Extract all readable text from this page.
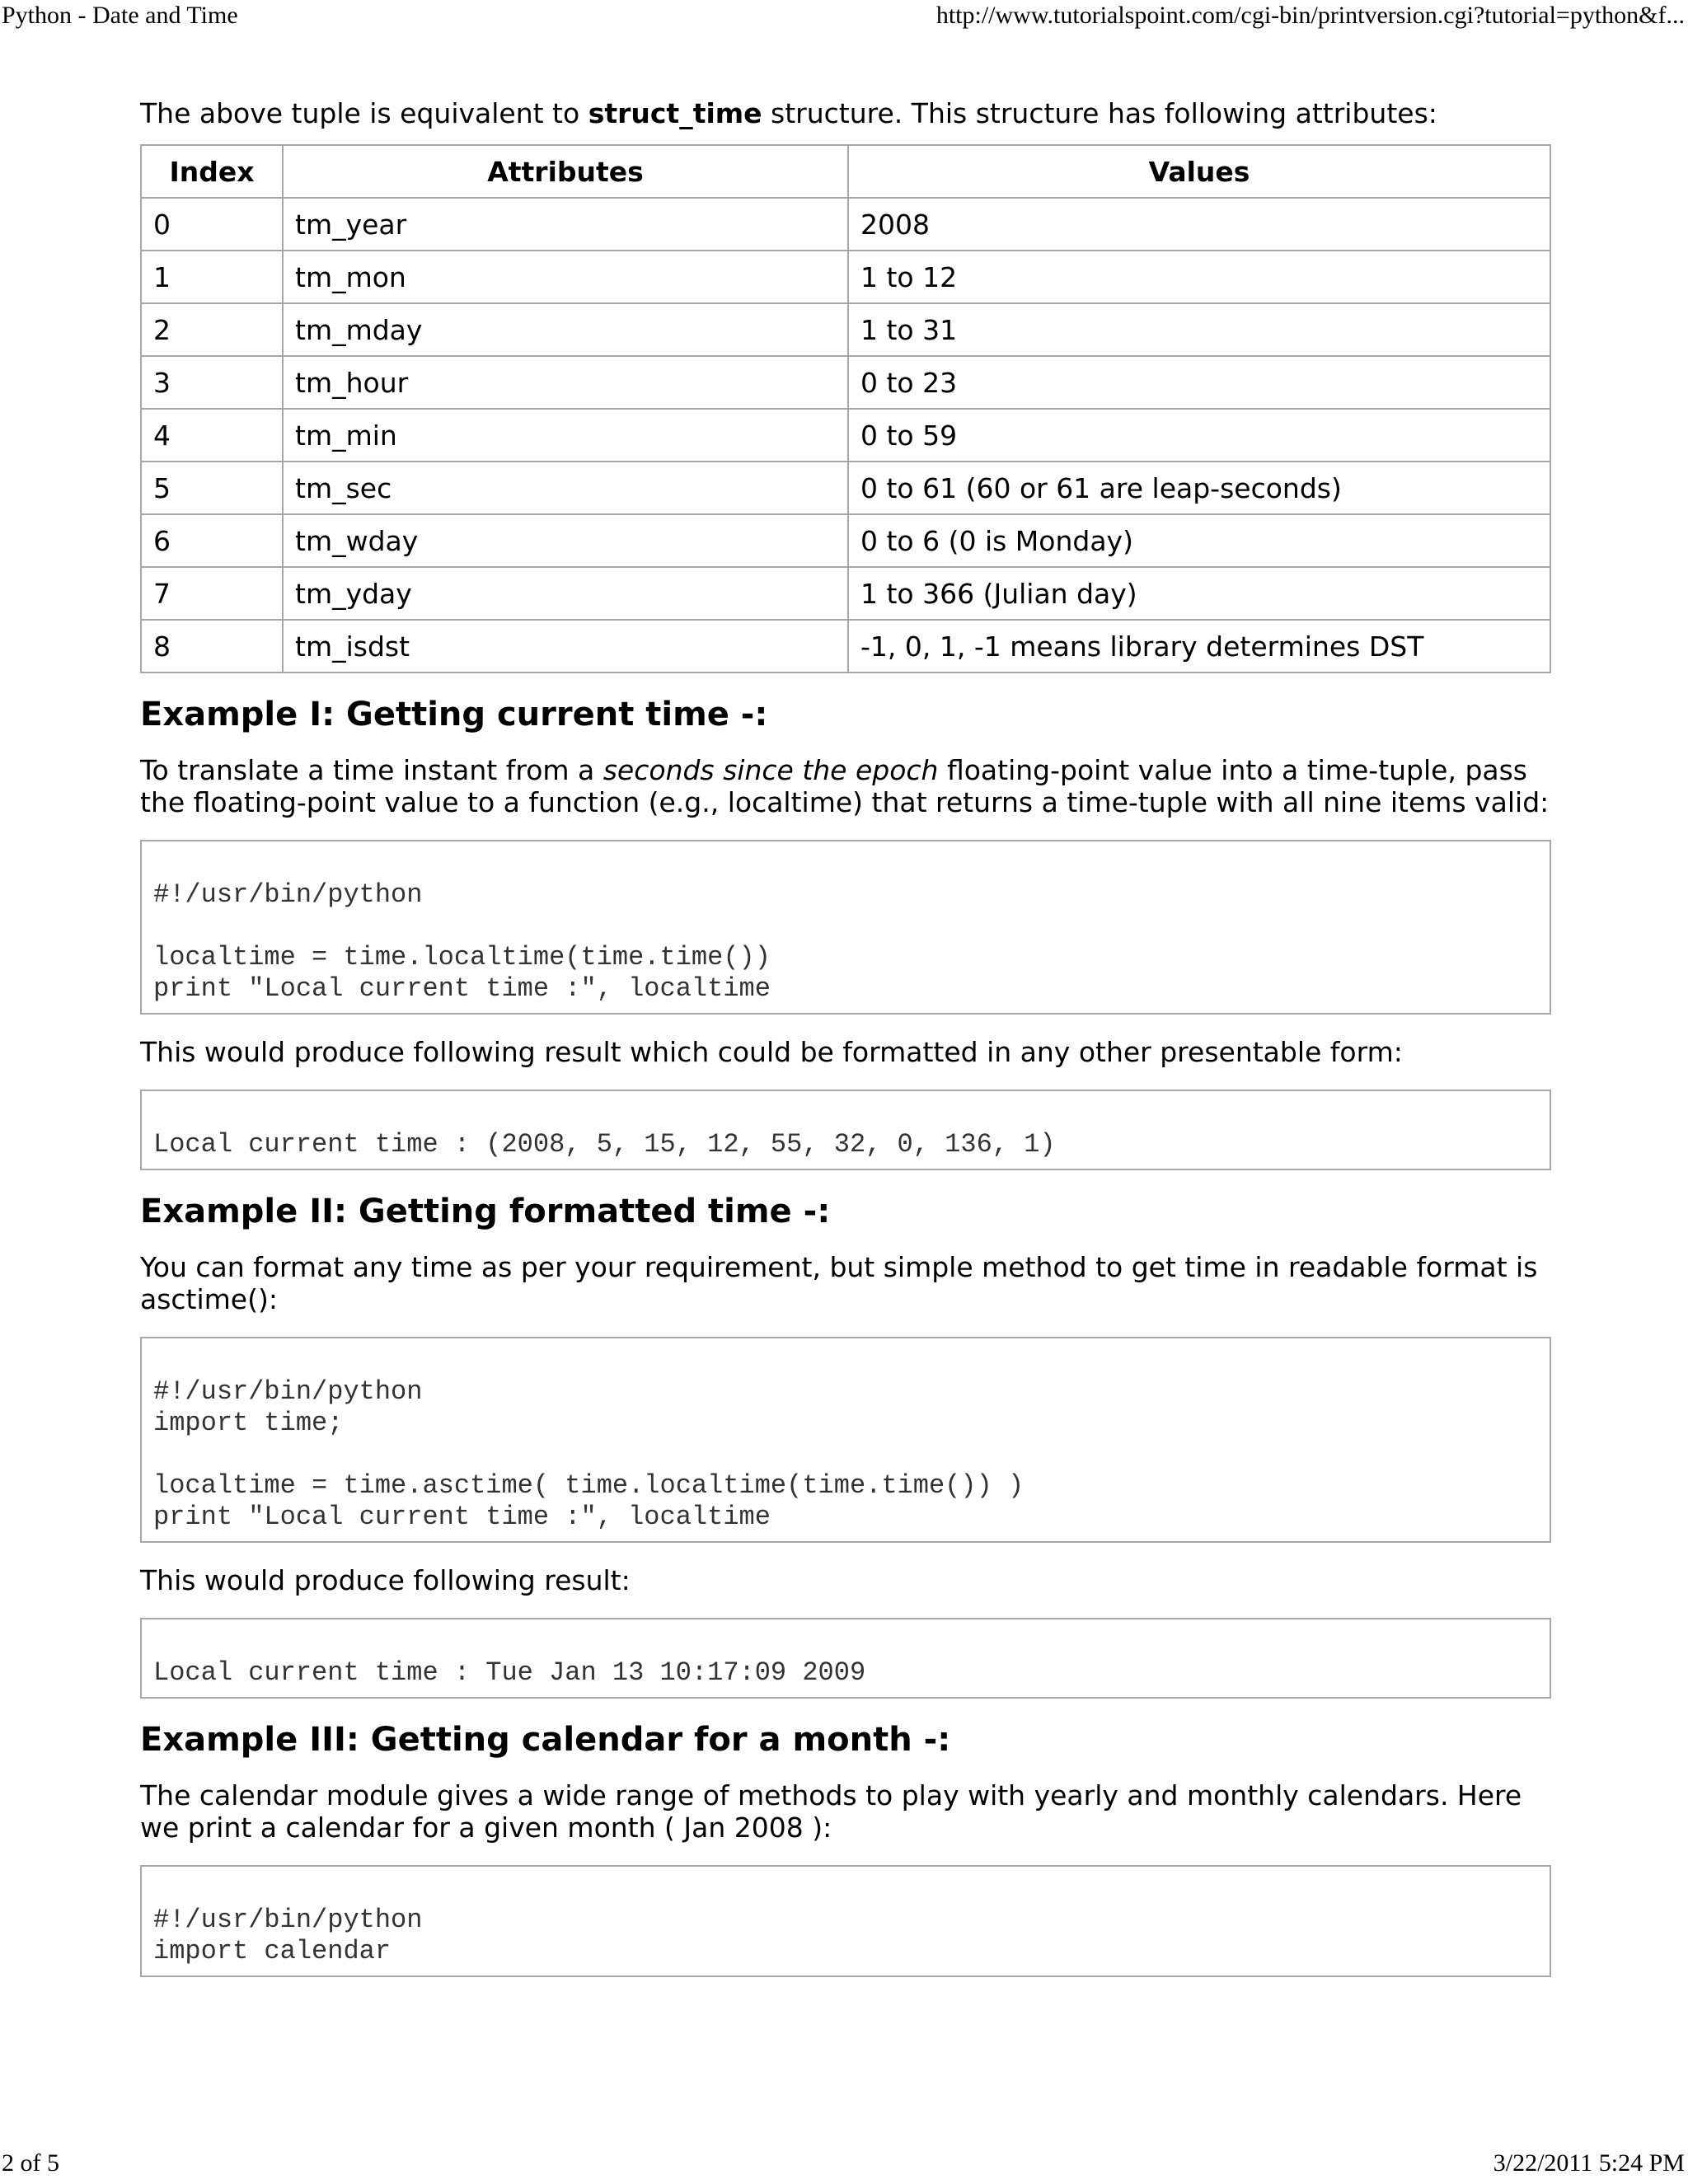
Python - Date and Time	http://www.tutorialspoint.com/cgi-bin/printversion.cgi?tutorial=python&f...

The above tuple is equivalent to struct_time structure. This structure has following attributes:

Index	Attributes	Values
0	tm_year	2008
1	tm_mon	1 to 12
2	tm_mday	1 to 31
3	tm_hour	0 to 23
4	tm_min	0 to 59
5	tm_sec	0 to 61 (60 or 61 are leap-seconds)
6	tm_wday	0 to 6 (0 is Monday)
7	tm_yday	1 to 366 (Julian day)
8	tm_isdst	-1, 0, 1, -1 means library determines DST
Example I: Getting current time -:

To translate a time instant from a seconds since the epoch floating-point value into a time-tuple, pass the floating-point value to a function (e.g., localtime) that returns a time-tuple with all nine items valid:

#!/usr/bin/python
localtime = time.localtime(time.time())
print "Local current time :", localtime

This would produce following result which could be formatted in any other presentable form:

Local current time : (2008, 5, 15, 12, 55, 32, 0, 136, 1)
Example II: Getting formatted time -:

You can format any time as per your requirement, but simple method to get time in readable format is asctime():

#!/usr/bin/python
import time;
localtime = time.asctime( time.localtime(time.time()) )
print "Local current time :", localtime

This would produce following result:

Local current time : Tue Jan 13 10:17:09 2009
Example III: Getting calendar for a month -:

The calendar module gives a wide range of methods to play with yearly and monthly calendars. Here we print a calendar for a given month ( Jan 2008 ):

#!/usr/bin/python
import calendar
2 of 5	3/22/2011 5:24 PM
